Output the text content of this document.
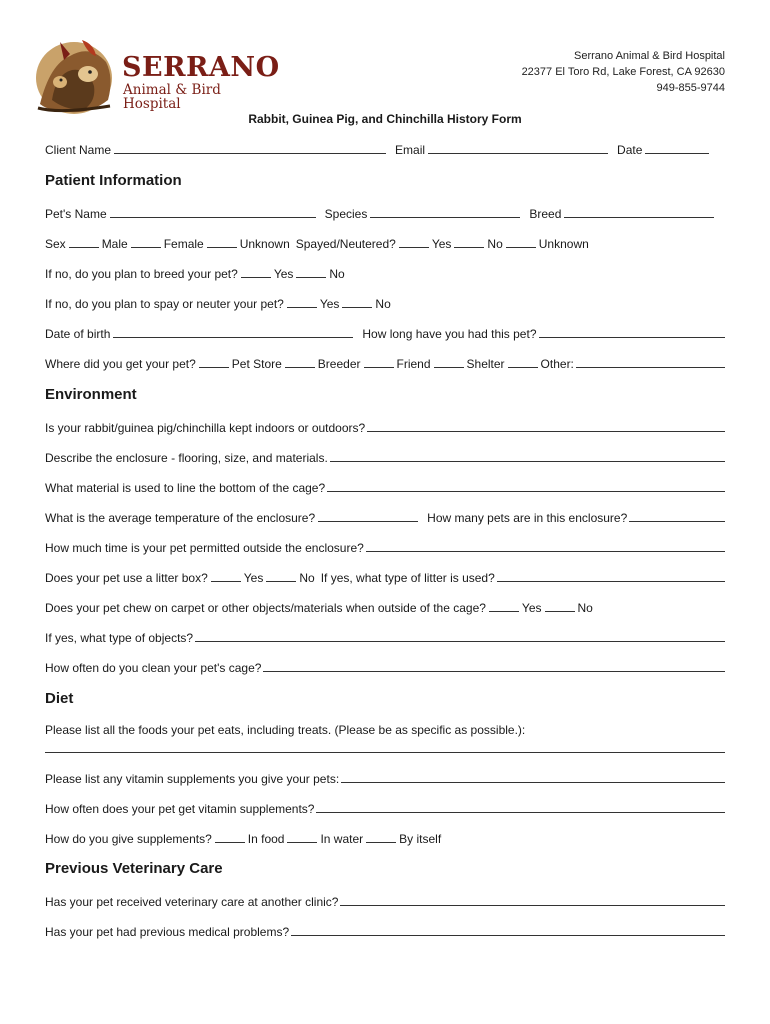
SERRANO
Animal & Bird Hospital
Serrano Animal & Bird Hospital
22377 El Toro Rd, Lake Forest, CA 92630
949-855-9744
Rabbit, Guinea Pig, and Chinchilla History Form
Client Name	Email	Date
Patient Information
Pet's Name	Species	Breed
Sex	Male	Female	Unknown Spayed/Neutered?	Yes	No	Unknown
If no, do you plan to breed your pet?	Yes	No
If no, do you plan to spay or neuter your pet?	Yes	No
Date of birth	How long have you had this pet?
Where did you get your pet?	Pet Store	Breeder	Friend	Shelter	Other:
Environment
Is your rabbit/guinea pig/chinchilla kept indoors or outdoors?
Describe the enclosure - flooring, size, and materials.
What material is used to line the bottom of the cage?
What is the average temperature of the enclosure?	How many pets are in this enclosure?
How much time is your pet permitted outside the enclosure?
Does your pet use a litter box?	Yes	No If yes, what type of litter is used?
Does your pet chew on carpet or other objects/materials when outside of the cage?	Yes	No
If yes, what type of objects?
How often do you clean your pet's cage?
Diet
Please list all the foods your pet eats, including treats. (Please be as specific as possible.):
Please list any vitamin supplements you give your pets:
How often does your pet get vitamin supplements?
How do you give supplements?	In food	In water	By itself
Previous Veterinary Care
Has your pet received veterinary care at another clinic?
Has your pet had previous medical problems?
